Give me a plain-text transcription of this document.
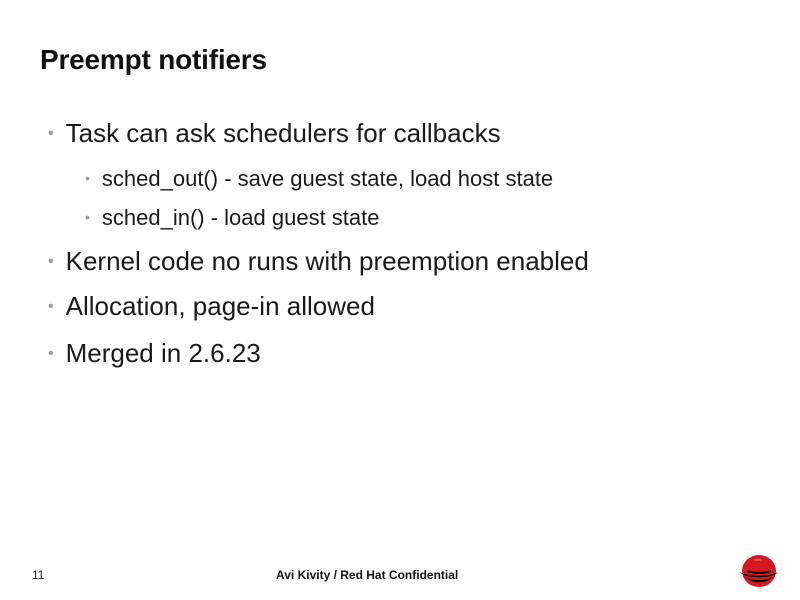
Preempt notifiers
• Task can ask schedulers for callbacks
• sched_out() - save guest state, load host state
• sched_in() - load guest state
• Kernel code no runs with preemption enabled
• Allocation, page-in allowed
• Merged in 2.6.23
11	Avi Kivity / Red Hat Confidential
